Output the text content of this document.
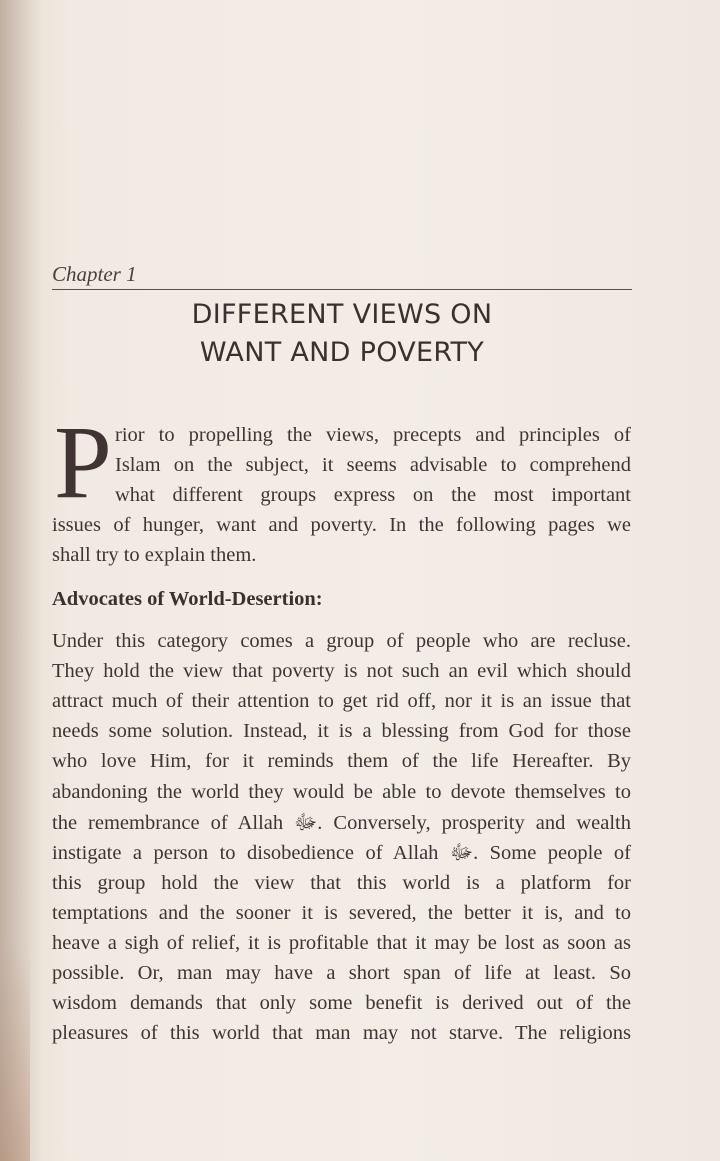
Chapter 1
DIFFERENT VIEWS ON
WANT AND POVERTY
P rior to propelling the views, precepts and principles of
Islam on the subject, it seems advisable to comprehend
what different groups express on the most important
issues of hunger, want and poverty. In the following pages we
shall try to explain them.
Advocates of World-Desertion:
Under this category comes a group of people who are recluse.
They hold the view that poverty is not such an evil which should
attract much of their attention to get rid off, nor it is an issue that
needs some solution. Instead, it is a blessing from God for those
who love Him, for it reminds them of the life Hereafter. By
abandoning the world they would be able to devote themselves to
the remembrance of Allah ﷻ. Conversely, prosperity and wealth
instigate a person to disobedience of Allah ﷻ. Some people of
this group hold the view that this world is a platform for
temptations and the sooner it is severed, the better it is, and to
heave a sigh of relief, it is profitable that it may be lost as soon as
possible. Or, man may have a short span of life at least. So
wisdom demands that only some benefit is derived out of the
pleasures of this world that man may not starve. The religions
